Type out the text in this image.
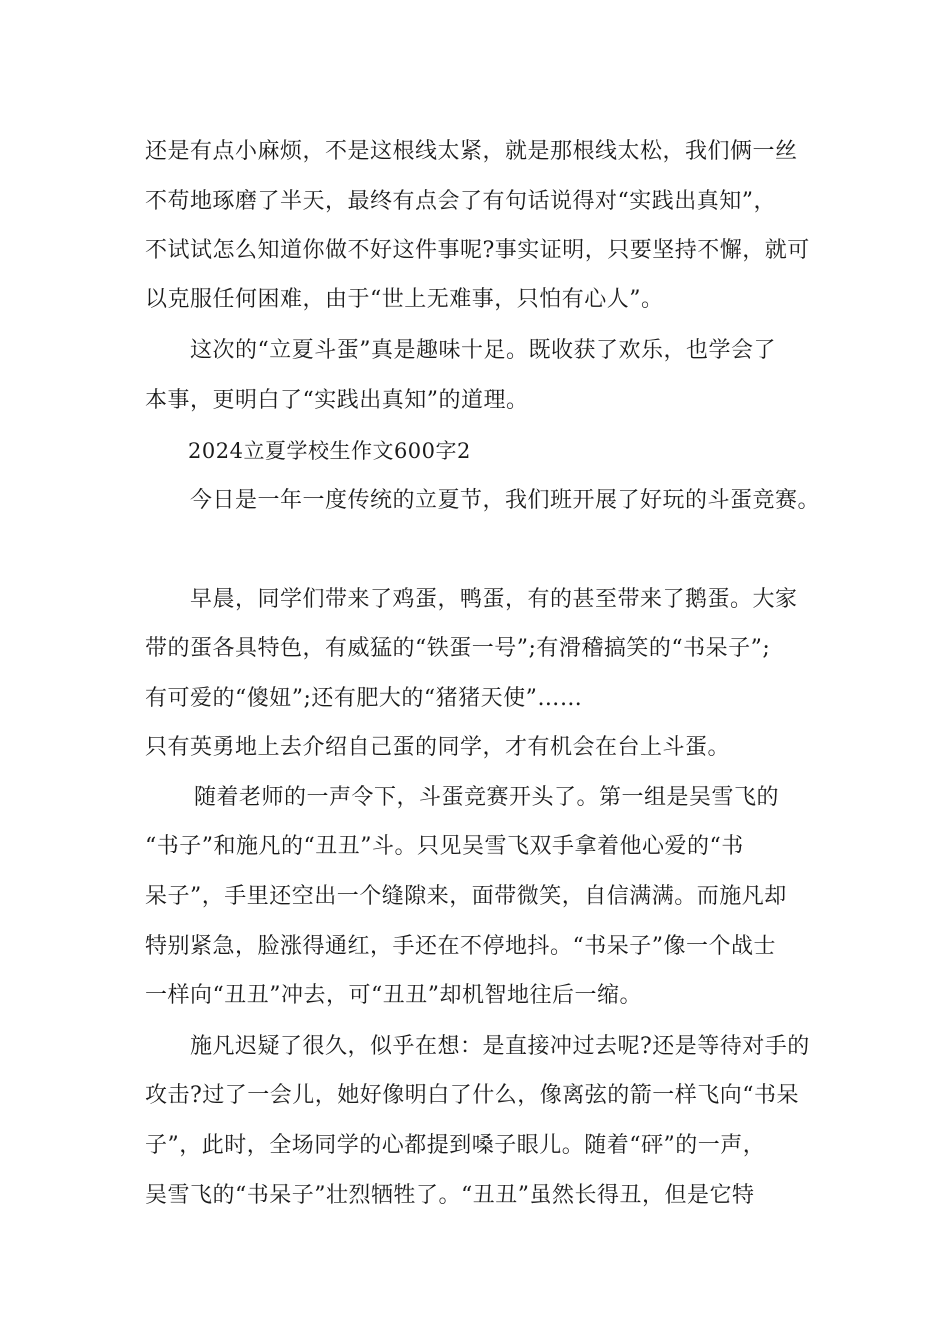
还是有点小麻烦，不是这根线太紧，就是那根线太松，我们俩一丝
不苟地琢磨了半天，最终有点会了有句话说得对“实践出真知”，
不试试怎么知道你做不好这件事呢?事实证明，只要坚持不懈，就可
以克服任何困难，由于“世上无难事，只怕有心人”。
这次的“立夏斗蛋”真是趣味十足。既收获了欢乐，也学会了
本事，更明白了“实践出真知”的道理。
2024立夏学校生作文600字2
今日是一年一度传统的立夏节，我们班开展了好玩的斗蛋竞赛。
早晨，同学们带来了鸡蛋，鸭蛋，有的甚至带来了鹅蛋。大家
带的蛋各具特色，有威猛的“铁蛋一号”;有滑稽搞笑的“书呆子”;
有可爱的“傻妞”;还有肥大的“猪猪天使”……
只有英勇地上去介绍自己蛋的同学，才有机会在台上斗蛋。
随着老师的一声令下，斗蛋竞赛开头了。第一组是吴雪飞的
“书子”和施凡的“丑丑”斗。只见吴雪飞双手拿着他心爱的“书
呆子”，手里还空出一个缝隙来，面带微笑，自信满满。而施凡却
特别紧急，脸涨得通红，手还在不停地抖。“书呆子”像一个战士
一样向“丑丑”冲去，可“丑丑”却机智地往后一缩。
施凡迟疑了很久，似乎在想：是直接冲过去呢?还是等待对手的
攻击?过了一会儿，她好像明白了什么，像离弦的箭一样飞向“书呆
子”，此时，全场同学的心都提到嗓子眼儿。随着“砰”的一声，
吴雪飞的“书呆子”壮烈牺牲了。“丑丑”虽然长得丑，但是它特
